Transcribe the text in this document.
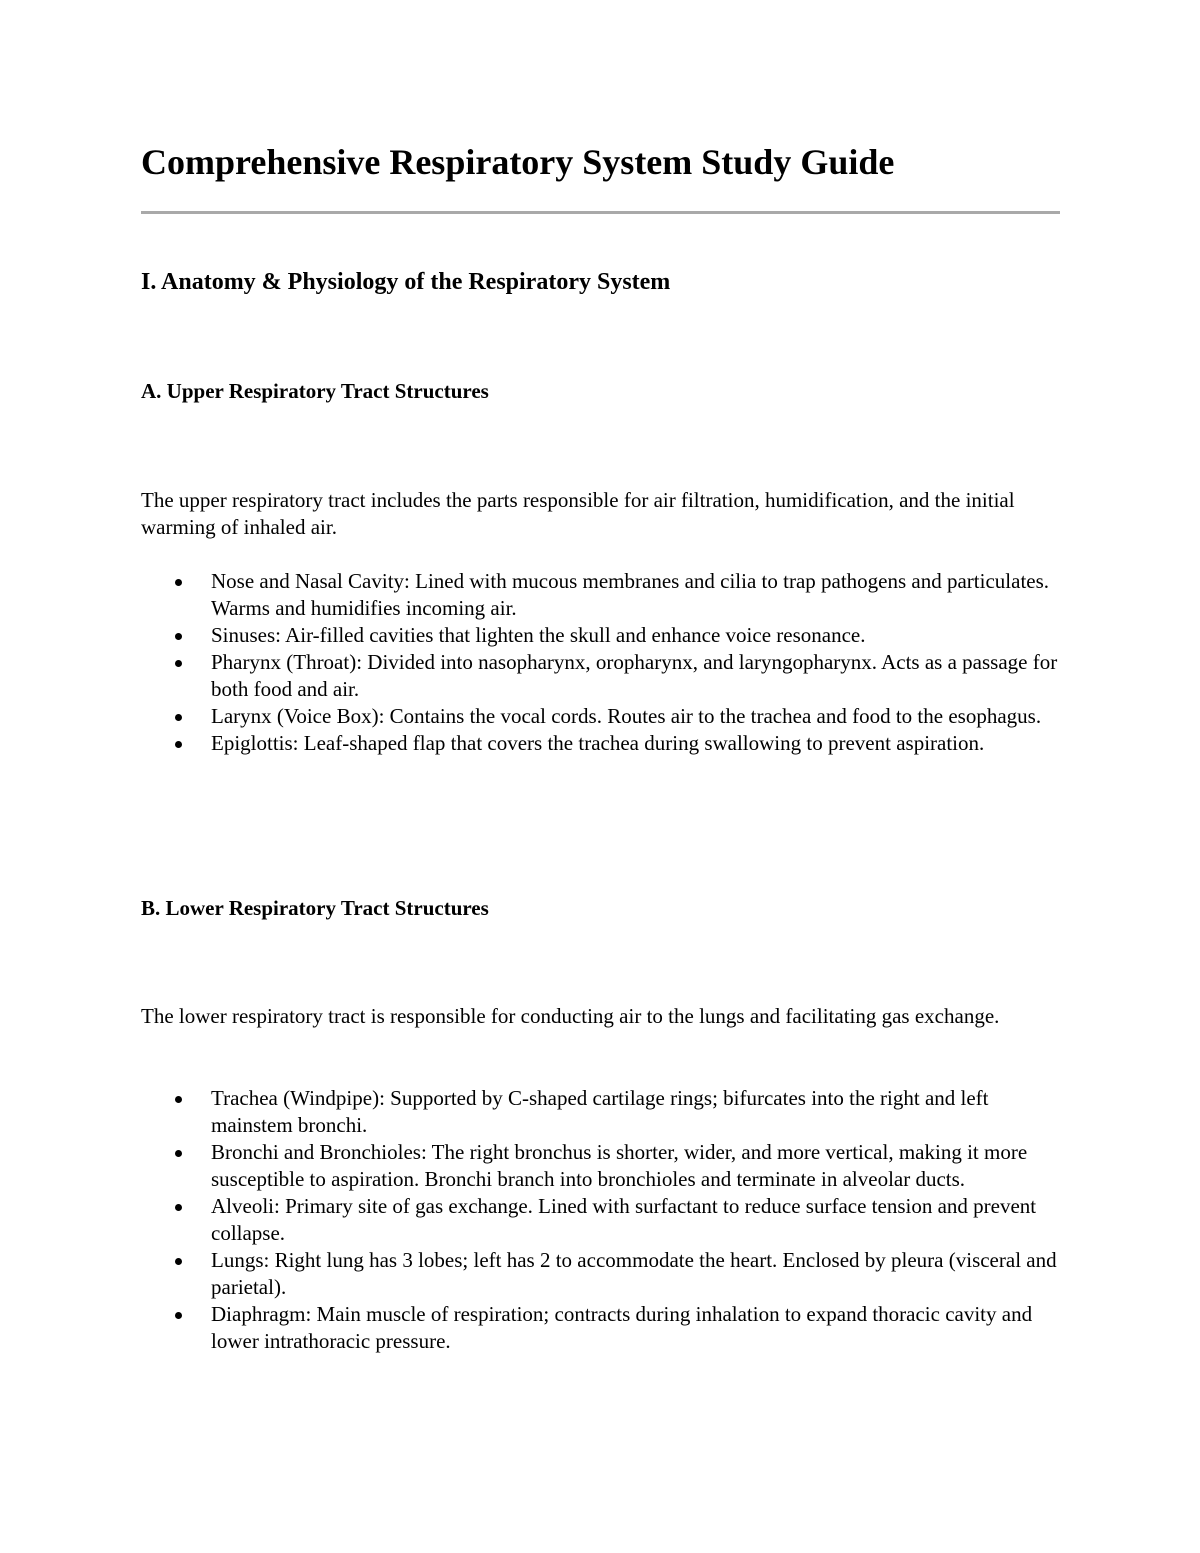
Comprehensive Respiratory System Study Guide
I. Anatomy & Physiology of the Respiratory System
A. Upper Respiratory Tract Structures

The upper respiratory tract includes the parts responsible for air filtration, humidification, and the initial warming of inhaled air.

Nose and Nasal Cavity: Lined with mucous membranes and cilia to trap pathogens and particulates. Warms and humidifies incoming air.
Sinuses: Air-filled cavities that lighten the skull and enhance voice resonance.
Pharynx (Throat): Divided into nasopharynx, oropharynx, and laryngopharynx. Acts as a passage for both food and air.
Larynx (Voice Box): Contains the vocal cords. Routes air to the trachea and food to the esophagus.
Epiglottis: Leaf-shaped flap that covers the trachea during swallowing to prevent aspiration.
B. Lower Respiratory Tract Structures

The lower respiratory tract is responsible for conducting air to the lungs and facilitating gas exchange.

Trachea (Windpipe): Supported by C-shaped cartilage rings; bifurcates into the right and left mainstem bronchi.
Bronchi and Bronchioles: The right bronchus is shorter, wider, and more vertical, making it more susceptible to aspiration. Bronchi branch into bronchioles and terminate in alveolar ducts.
Alveoli: Primary site of gas exchange. Lined with surfactant to reduce surface tension and prevent collapse.
Lungs: Right lung has 3 lobes; left has 2 to accommodate the heart. Enclosed by pleura (visceral and parietal).
Diaphragm: Main muscle of respiration; contracts during inhalation to expand thoracic cavity and lower intrathoracic pressure.
